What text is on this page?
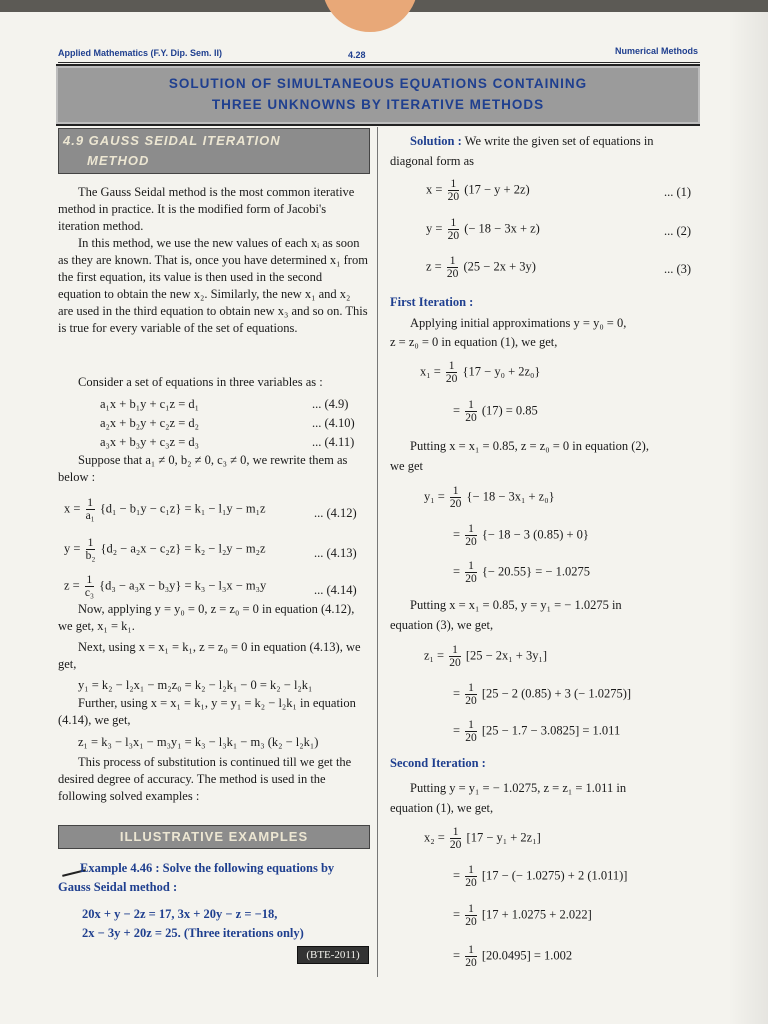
Applied Mathematics (F.Y. Dip. Sem. II)	4.28	Numerical Methods
SOLUTION OF SIMULTANEOUS EQUATIONS CONTAINING
THREE UNKNOWNS BY ITERATIVE METHODS
4.9 GAUSS SEIDAL ITERATION
METHOD
The Gauss Seidal method is the most common iterative method in practice. It is the modified form of Jacobi's iteration method.
In this method, we use the new values of each xᵢ as soon as they are known. That is, once you have determined x₁ from the first equation, its value is then used in the second equation to obtain the new x₂. Similarly, the new x₁ and x₂ are used in the third equation to obtain new x₃ and so on. This is true for every variable of the set of equations.
Consider a set of equations in three variables as :
a₁x + b₁y + c₁z = d₁	... (4.9)
a₂x + b₂y + c₂z = d₂	... (4.10)
a₃x + b₃y + c₃z = d₃	... (4.11)
Suppose that a₁ ≠ 0, b₂ ≠ 0, c₃ ≠ 0, we rewrite them as below :
$x = \frac{1}{\text{a₁}} \{d_1 - b_1y - c_1z\} = k_1 - l_1y - m_1z$	... (4.12)
$y = \frac{1}{\text{b₂}} \{d_2 - a_2x - c_2z\} = k_2 - l_2y - m_2z$	... (4.13)
$z = \frac{1}{\text{c₃}} \{d_3 - a_3x - b_3y\} = k_3 - l_3x - m_3y$	... (4.14)
Now, applying y = y₀ = 0, z = z₀ = 0 in equation (4.12), we get, x₁ = k₁.
Next, using x = x₁ = k₁, z = z₀ = 0 in equation (4.13), we get,
y₁ = k₂ − l₂x₁ − m₂z₀ = k₂ − l₂k₁ − 0 = k₂ − l₂k₁
Further, using x = x₁ = k₁, y = y₁ = k₂ − l₂k₁ in equation (4.14), we get,
z₁ = k₃ − l₃x₁ − m₃y₁ = k₃ − l₃k₁ − m₃ (k₂ − l₂k₁)
This process of substitution is continued till we get the desired degree of accuracy. The method is used in the following solved examples :
ILLUSTRATIVE EXAMPLES
Example 4.46 : Solve the following equations by
Gauss Seidal method :
20x + y − 2z = 17, 3x + 20y − z = −18,
2x − 3y + 20z = 25. (Three iterations only)
(BTE-2011)
Solution : We write the given set of equations in
diagonal form as
$x = \frac{1}{20} (17 - y + 2z)$	... (1)
$y = \frac{1}{20}$ (− 18 − 3x + z)	... (2)
$z = \frac{1}{20} (25 - 2x + 3y)$	... (3)
First Iteration :
Applying initial approximations y = y₀ = 0,
z = z₀ = 0 in equation (1), we get,
$x_1 = \frac{1}{20} \{17 - y_0 + 2z_0\}$
= $\frac{1}{20} (17) = 0.85$
Putting x = x₁ = 0.85, z = z₀ = 0 in equation (2),
we get
$y_1 = \frac{1}{20}$ {− 18 − 3x₁ + z₀}
= $\frac{1}{20}$ {− 18 − 3 (0.85) + 0}
= $\frac{1}{20}$ {− 20.55} = − 1.0275
Putting x = x₁ = 0.85, y = y₁ = − 1.0275 in
equation (3), we get,
$z_1 = \frac{1}{20} [25 - 2x_1 + 3y_1]$
= $\frac{1}{20} [25 - 2$ (0.85) + 3 (− 1.0275)]
= $\frac{1}{20} [25 - 1.7 - 3.0825] = 1.011$
Second Iteration :
Putting y = y₁ = − 1.0275, z = z₁ = 1.011 in
equation (1), we get,
$x_2 = \frac{1}{20} [17 - y_1 + 2z_1]$
= $\frac{1}{20} [17$ − (− 1.0275) + 2 (1.011)]
= $\frac{1}{20} [17 + 1.0275 + 2.022]$
= $\frac{1}{20} [20.0495] = 1.002$
